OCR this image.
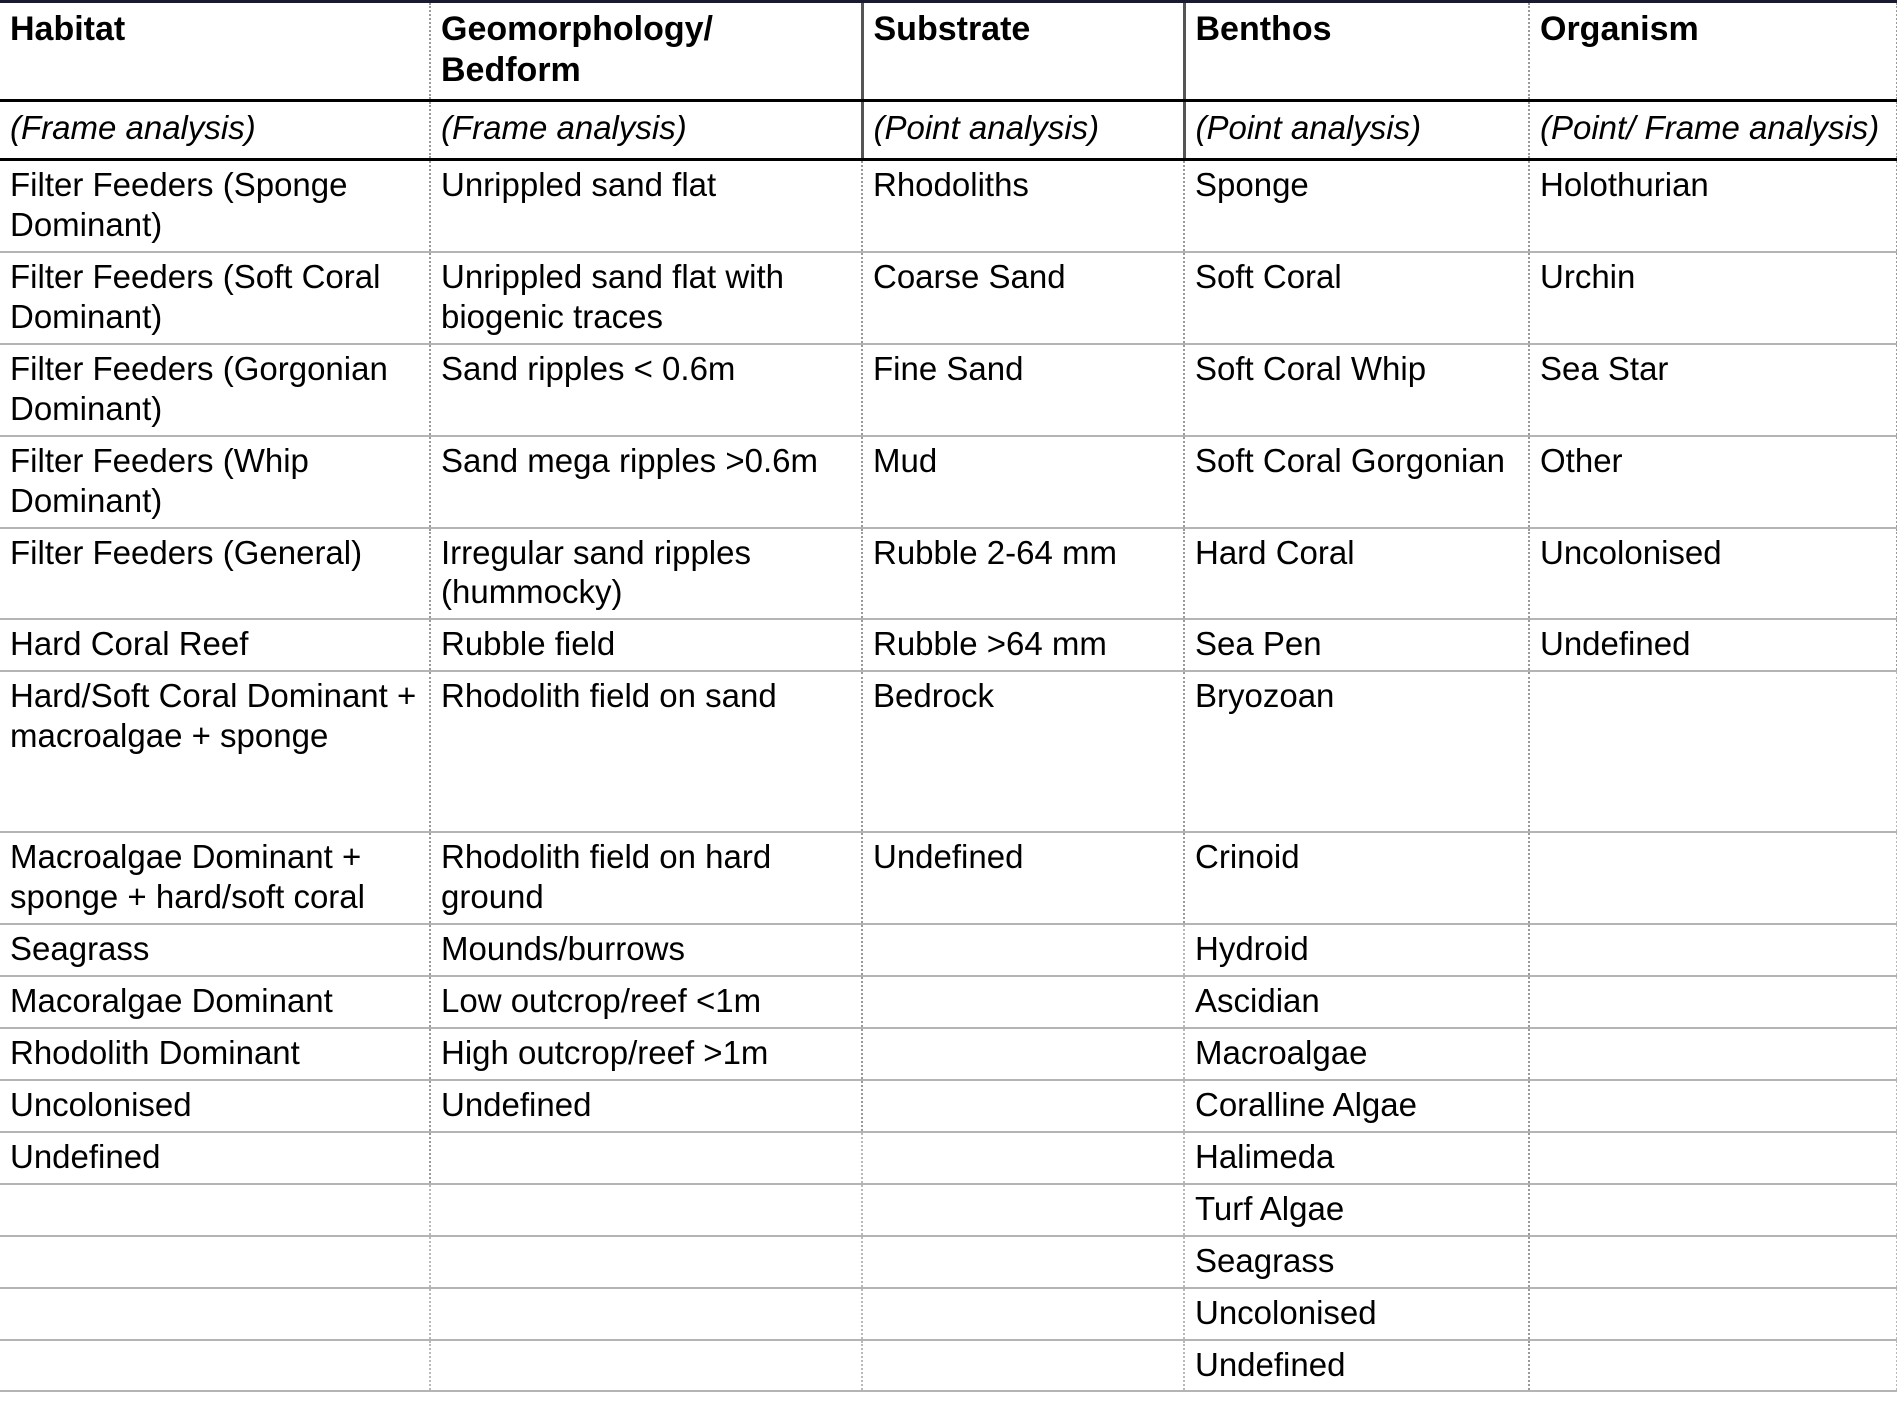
Habitat	Geomorphology/ Bedform	Substrate	Benthos	Organism
(Frame analysis)	(Frame analysis)	(Point analysis)	(Point analysis)	(Point/ Frame analysis)
Filter Feeders (Sponge Dominant)	Unrippled sand flat	Rhodoliths	Sponge	Holothurian
Filter Feeders (Soft Coral Dominant)	Unrippled sand flat with biogenic traces	Coarse Sand	Soft Coral	Urchin
Filter Feeders (Gorgonian Dominant)	Sand ripples < 0.6m	Fine Sand	Soft Coral Whip	Sea Star
Filter Feeders (Whip Dominant)	Sand mega ripples >0.6m	Mud	Soft Coral Gorgonian	Other
Filter Feeders (General)	Irregular sand ripples (hummocky)	Rubble 2-64 mm	Hard Coral	Uncolonised
Hard Coral Reef	Rubble field	Rubble >64 mm	Sea Pen	Undefined
Hard/Soft Coral Dominant + macroalgae + sponge	Rhodolith field on sand	Bedrock	Bryozoan	
Macroalgae Dominant + sponge + hard/soft coral	Rhodolith field on hard ground	Undefined	Crinoid	
Seagrass	Mounds/burrows		Hydroid	
Macoralgae Dominant	Low outcrop/reef <1m		Ascidian	
Rhodolith Dominant	High outcrop/reef >1m		Macroalgae	
Uncolonised	Undefined		Coralline Algae	
Undefined			Halimeda	
			Turf Algae	
			Seagrass	
			Uncolonised	
			Undefined	
